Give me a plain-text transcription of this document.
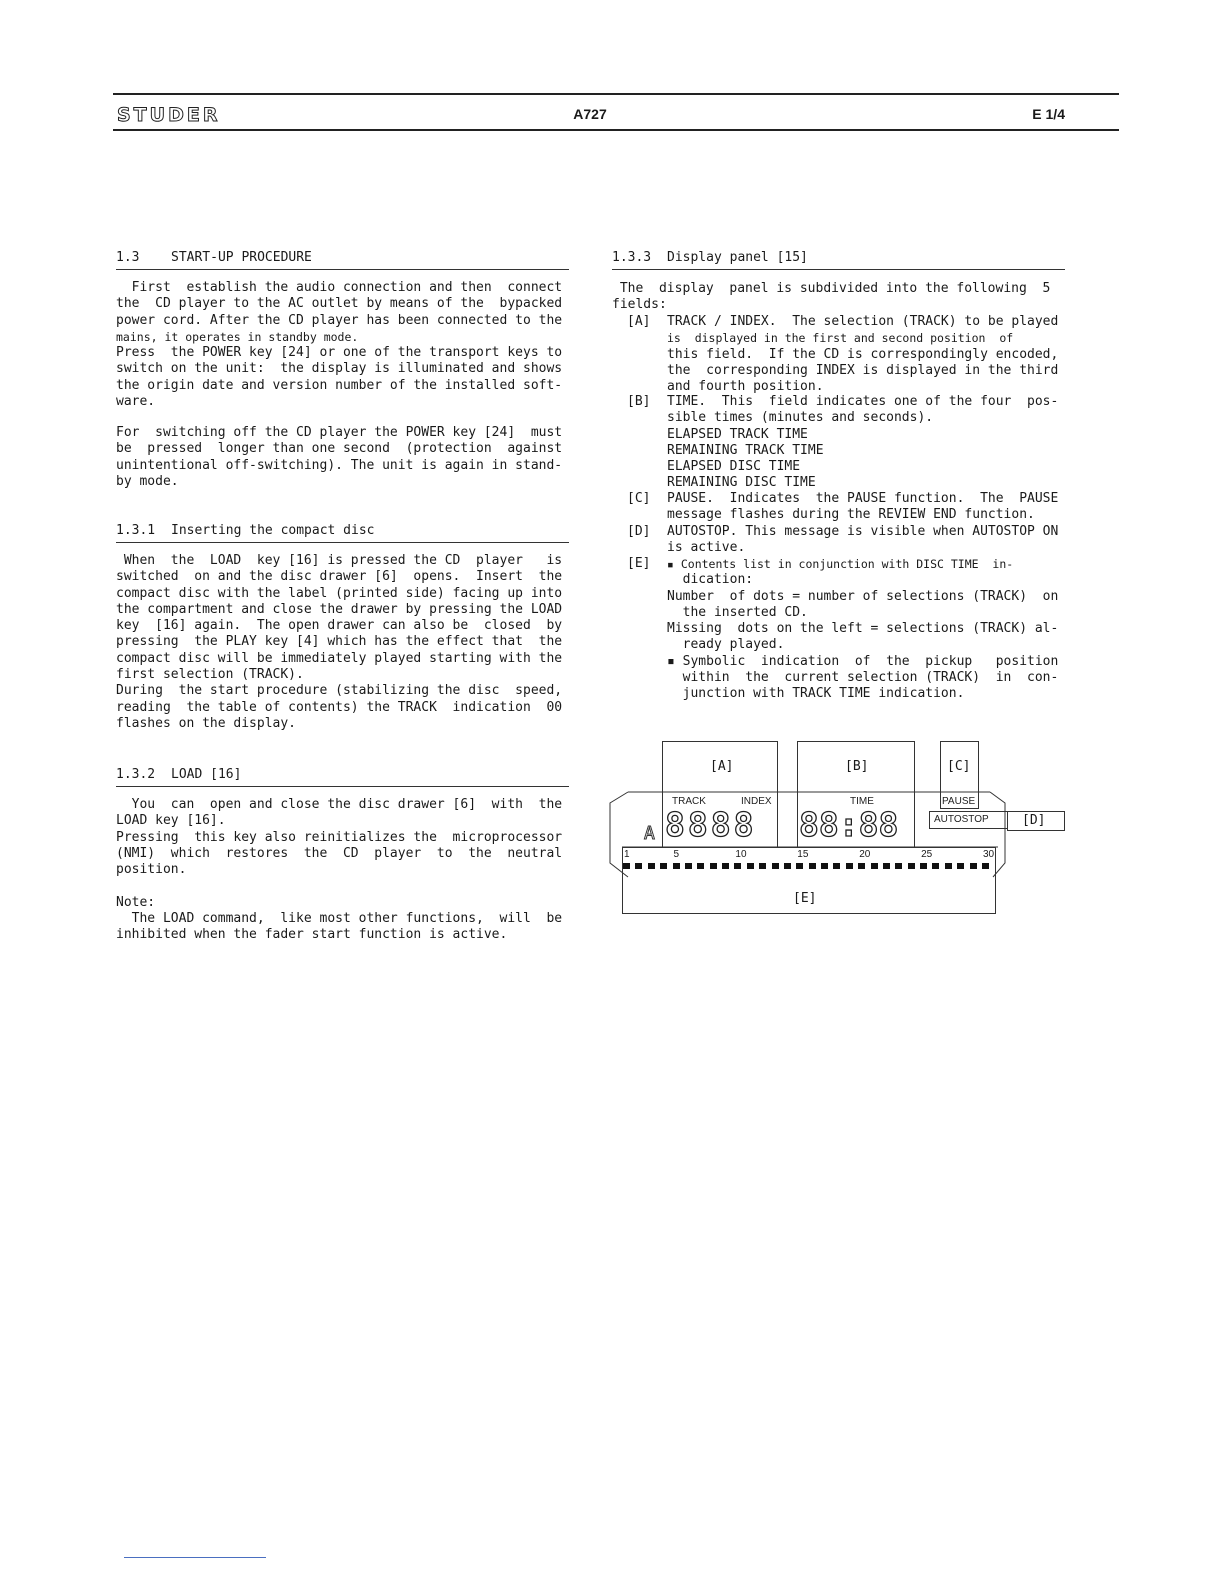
STUDER	A727	E 1/4
1.3 START-UP PROCEDURE
First  establish the audio connection and then  connect
the  CD player to the AC outlet by means of the  bypacked
power cord. After the CD player has been connected to the
mains, it operates in standby mode.
Press  the POWER key [24] or one of the transport keys to
switch on the unit:  the display is illuminated and shows
the origin date and version number of the installed soft-
ware.
For  switching off the CD player the POWER key [24]  must
be  pressed  longer than one second  (protection  against
unintentional off-switching). The unit is again in stand-
by mode.
1.3.1 Inserting the compact disc
When  the  LOAD  key [16] is pressed the CD  player   is
switched  on and the disc drawer [6]  opens.  Insert  the
compact disc with the label (printed side) facing up into
the compartment and close the drawer by pressing the LOAD
key  [16] again.  The open drawer can also be  closed  by
pressing  the PLAY key [4] which has the effect that  the
compact disc will be immediately played starting with the
first selection (TRACK).
During  the start procedure (stabilizing the disc  speed,
reading  the table of contents) the TRACK  indication  00
flashes on the display.
1.3.2 LOAD [16]
You  can  open and close the disc drawer [6]  with  the
LOAD key [16].
Pressing  this key also reinitializes the  microprocessor
(NMI)  which  restores  the  CD  player  to  the  neutral
position.
Note:
The LOAD command,  like most other functions,  will  be
inhibited when the fader start function is active.
1.3.3 Display panel [15]
The  display  panel is subdivided into the following  5
fields:
[A] TRACK / INDEX.  The selection (TRACK) to be played
is  displayed in the first and second position  of
this field.  If the CD is correspondingly encoded,
the  corresponding INDEX is displayed in the third
and fourth position.
[B] TIME.  This  field indicates one of the four  pos-
sible times (minutes and seconds).
ELAPSED TRACK TIME
REMAINING TRACK TIME
ELAPSED DISC TIME
REMAINING DISC TIME
[C] PAUSE.  Indicates  the PAUSE function.  The  PAUSE
message flashes during the REVIEW END function.
[D] AUTOSTOP. This message is visible when AUTOSTOP ON
is active.
[E] ▪ Contents list in conjunction with DISC TIME  in-
dication:
Number  of dots = number of selections (TRACK)  on
the inserted CD.
Missing  dots on the left = selections (TRACK) al-
ready played.
▪ Symbolic  indication  of  the  pickup   position
within  the  current selection (TRACK)  in  con-
junction with TRACK TIME indication.
[A]
TRACK	INDEX
8888
A
[B]
TIME
88:88
[C]
PAUSE
AUTOSTOP	[D]
[E]
1	5	10	15	20	25	30
